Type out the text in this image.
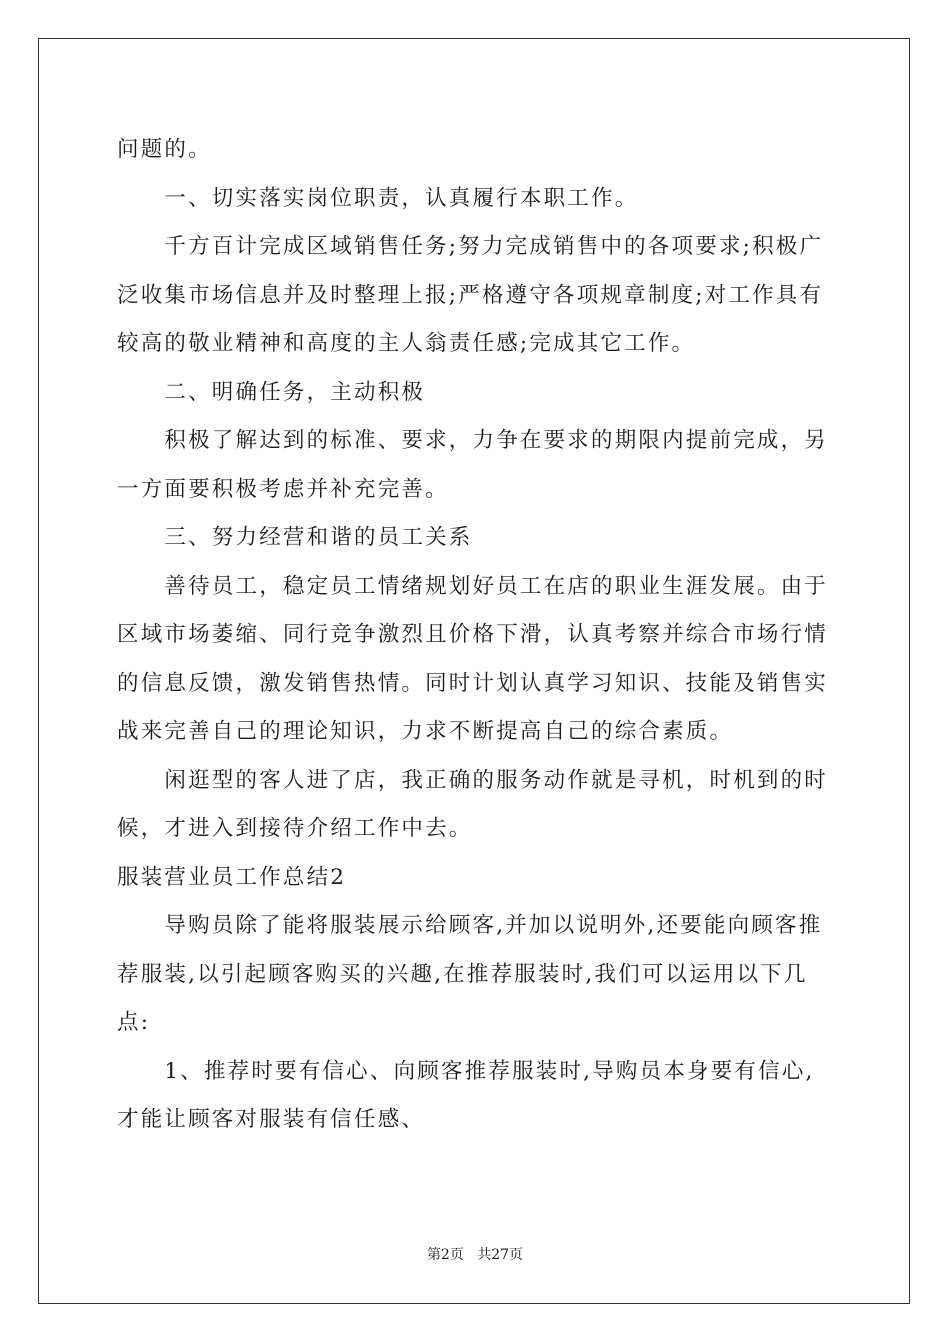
问题的。
　　一、切实落实岗位职责，认真履行本职工作。
　　千方百计完成区域销售任务;努力完成销售中的各项要求;积极广
泛收集市场信息并及时整理上报;严格遵守各项规章制度;对工作具有
较高的敬业精神和高度的主人翁责任感;完成其它工作。
　　二、明确任务，主动积极
　　积极了解达到的标准、要求，力争在要求的期限内提前完成，另
一方面要积极考虑并补充完善。
　　三、努力经营和谐的员工关系
　　善待员工，稳定员工情绪规划好员工在店的职业生涯发展。由于
区域市场萎缩、同行竞争激烈且价格下滑，认真考察并综合市场行情
的信息反馈，激发销售热情。同时计划认真学习知识、技能及销售实
战来完善自己的理论知识，力求不断提高自己的综合素质。
　　闲逛型的客人进了店，我正确的服务动作就是寻机，时机到的时
候，才进入到接待介绍工作中去。
服装营业员工作总结2
　　导购员除了能将服装展示给顾客,并加以说明外,还要能向顾客推
荐服装,以引起顾客购买的兴趣,在推荐服装时,我们可以运用以下几
点:
　　1、推荐时要有信心、向顾客推荐服装时,导购员本身要有信心,
才能让顾客对服装有信任感、
第2页 共27页
